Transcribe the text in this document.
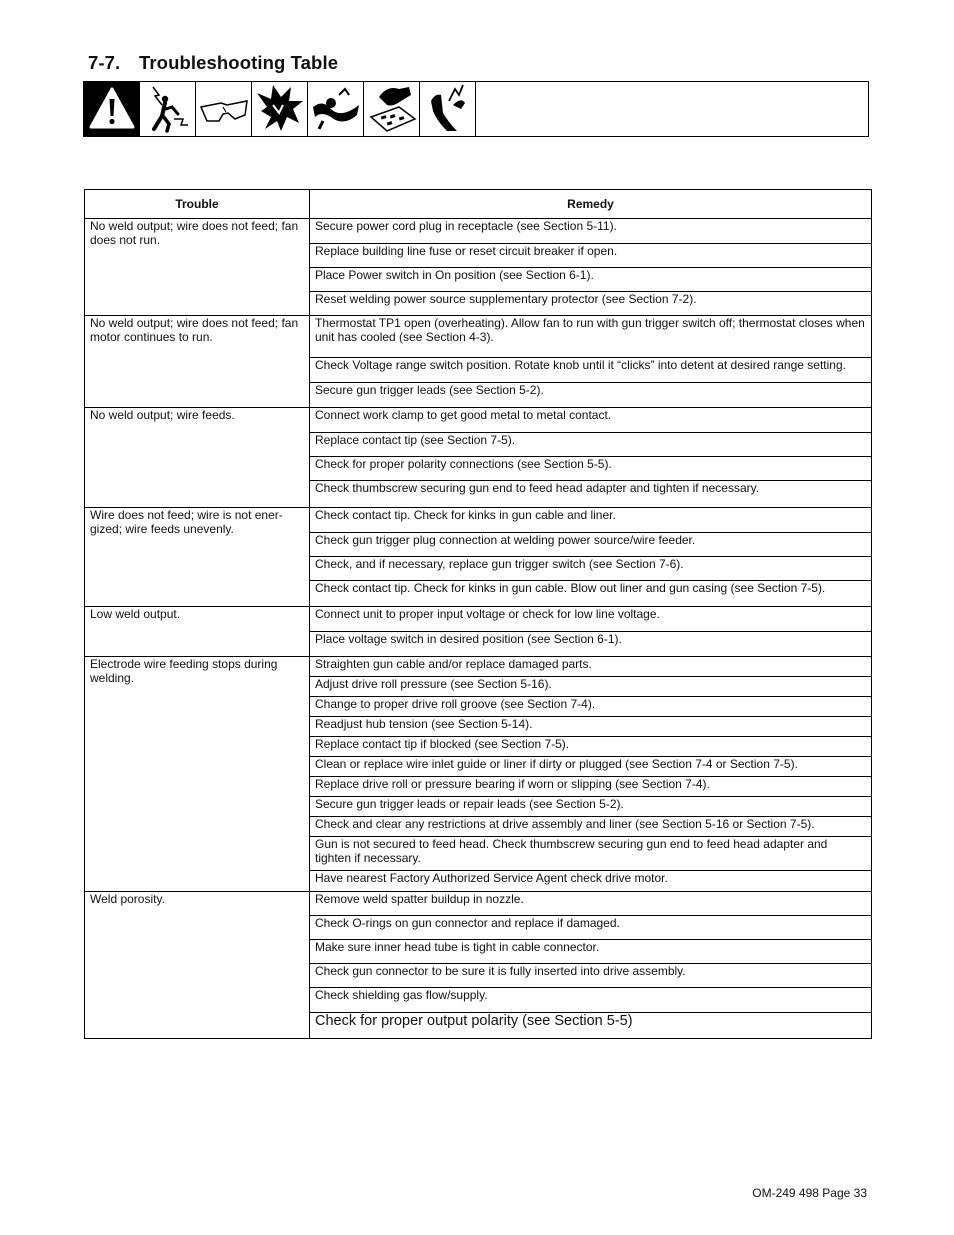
7-7. Troubleshooting Table
Trouble	Remedy
No weld output; wire does not feed; fan does not run.	Secure power cord plug in receptacle (see Section 5-11).
	Replace building line fuse or reset circuit breaker if open.
	Place Power switch in On position (see Section 6-1).
	Reset welding power source supplementary protector (see Section 7-2).
No weld output; wire does not feed; fan motor continues to run.	Thermostat TP1 open (overheating). Allow fan to run with gun trigger switch off; thermostat closes when unit has cooled (see Section 4-3).
	Check Voltage range switch position. Rotate knob until it “clicks” into detent at desired range setting.
	Secure gun trigger leads (see Section 5-2).
No weld output; wire feeds.	Connect work clamp to get good metal to metal contact.
	Replace contact tip (see Section 7-5).
	Check for proper polarity connections (see Section 5-5).
	Check thumbscrew securing gun end to feed head adapter and tighten if necessary.
Wire does not feed; wire is not ener-gized; wire feeds unevenly.	Check contact tip. Check for kinks in gun cable and liner.
	Check gun trigger plug connection at welding power source/wire feeder.
	Check, and if necessary, replace gun trigger switch (see Section 7-6).
	Check contact tip. Check for kinks in gun cable. Blow out liner and gun casing (see Section 7-5).
Low weld output.	Connect unit to proper input voltage or check for low line voltage.
	Place voltage switch in desired position (see Section 6-1).
Electrode wire feeding stops during welding.	Straighten gun cable and/or replace damaged parts.
	Adjust drive roll pressure (see Section 5-16).
	Change to proper drive roll groove (see Section 7-4).
	Readjust hub tension (see Section 5-14).
	Replace contact tip if blocked (see Section 7-5).
	Clean or replace wire inlet guide or liner if dirty or plugged (see Section 7-4 or Section 7-5).
	Replace drive roll or pressure bearing if worn or slipping (see Section 7-4).
	Secure gun trigger leads or repair leads (see Section 5-2).
	Check and clear any restrictions at drive assembly and liner (see Section 5-16 or Section 7-5).
	Gun is not secured to feed head. Check thumbscrew securing gun end to feed head adapter and tighten if necessary.
	Have nearest Factory Authorized Service Agent check drive motor.
Weld porosity.	Remove weld spatter buildup in nozzle.
	Check O-rings on gun connector and replace if damaged.
	Make sure inner head tube is tight in cable connector.
	Check gun connector to be sure it is fully inserted into drive assembly.
	Check shielding gas flow/supply.
	Check for proper output polarity (see Section 5-5)
OM-249 498 Page 33
